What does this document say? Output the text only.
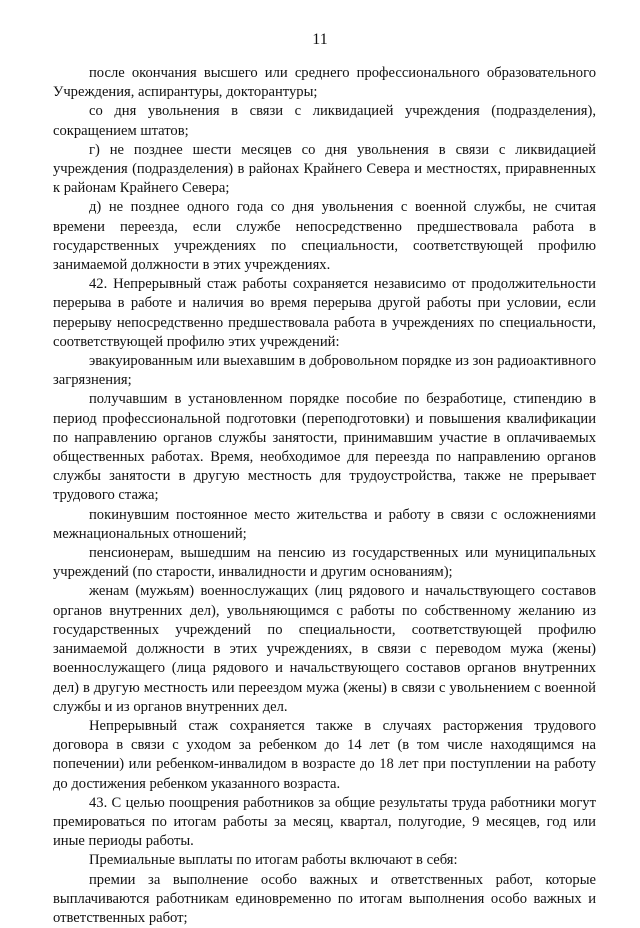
11

после окончания высшего или среднего профессионального образовательного Учреждения, аспирантуры, докторантуры;

со дня увольнения в связи с ликвидацией учреждения (подразделения), сокращением штатов;

г) не позднее шести месяцев со дня увольнения в связи с ликвидацией учреждения (подразделения) в районах Крайнего Севера и местностях, приравненных к районам Крайнего Севера;

д) не позднее одного года со дня увольнения с военной службы, не считая времени переезда, если службе непосредственно предшествовала работа в государственных учреждениях по специальности, соответствующей профилю занимаемой должности в этих учреждениях.

42. Непрерывный стаж работы сохраняется независимо от продолжительности перерыва в работе и наличия во время перерыва другой работы при условии, если перерыву непосредственно предшествовала работа в учреждениях по специальности, соответствующей профилю этих учреждений:

эвакуированным или выехавшим в добровольном порядке из зон радиоактивного загрязнения;

получавшим в установленном порядке пособие по безработице, стипендию в период профессиональной подготовки (переподготовки) и повышения квалификации по направлению органов службы занятости, принимавшим участие в оплачиваемых общественных работах. Время, необходимое для переезда по направлению органов службы занятости в другую местность для трудоустройства, также не прерывает трудового стажа;

покинувшим постоянное место жительства и работу в связи с осложнениями межнациональных отношений;

пенсионерам, вышедшим на пенсию из государственных или муниципальных учреждений (по старости, инвалидности и другим основаниям);

женам (мужьям) военнослужащих (лиц рядового и начальствующего составов органов внутренних дел), увольняющимся с работы по собственному желанию из государственных учреждений по специальности, соответствующей профилю занимаемой должности в этих учреждениях, в связи с переводом мужа (жены) военнослужащего (лица рядового и начальствующего составов органов внутренних дел) в другую местность или переездом мужа (жены) в связи с увольнением с военной службы и из органов внутренних дел.

Непрерывный стаж сохраняется также в случаях расторжения трудового договора в связи с уходом за ребенком до 14 лет (в том числе находящимся на попечении) или ребенком-инвалидом в возрасте до 18 лет при поступлении на работу до достижения ребенком указанного возраста.

43. С целью поощрения работников за общие результаты труда работники могут премироваться по итогам работы за месяц, квартал, полугодие, 9 месяцев, год или иные периоды работы.

Премиальные выплаты по итогам работы включают в себя:

премии за выполнение особо важных и ответственных работ, которые выплачиваются работникам единовременно по итогам выполнения особо важных и ответственных работ;
